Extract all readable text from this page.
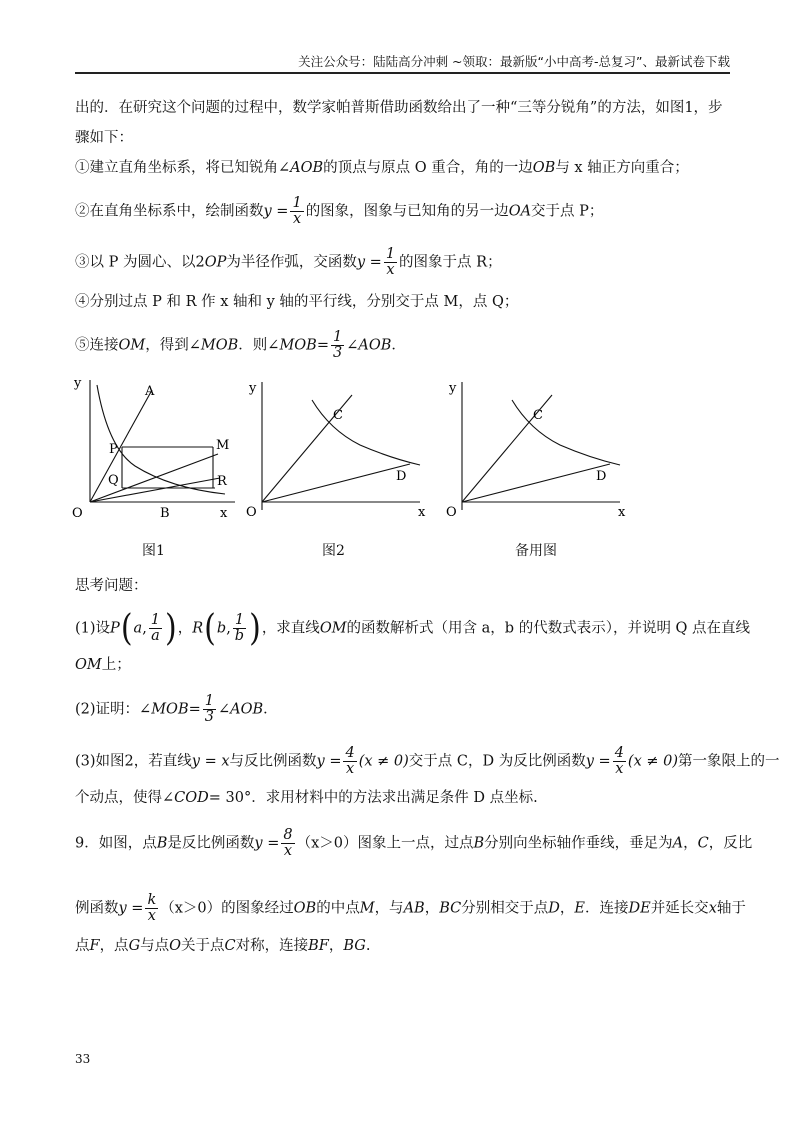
关注公众号：陆陆高分冲刺 ~领取：最新版“小中高考-总复习”、最新试卷下载
出的．在研究这个问题的过程中，数学家帕普斯借助函数给出了一种“三等分锐角”的方法，如图1，步
骤如下：
①建立直角坐标系，将已知锐角∠AOB的顶点与原点 O 重合，角的一边OB与 x 轴正方向重合；
②在直角坐标系中，绘制函数$y = \frac{1}{x}$ 的图象，图象与已知角的另一边OA交于点 P；
③以 P 为圆心、以2OP为半径作弧，交函数$y = \frac{1}{x}$ 的图象于点 R；
④分别过点 P 和 R 作 x 轴和 y 轴的平行线，分别交于点 M，点 Q；
⑤连接OM，得到∠MOB．则∠MOB= $\frac{1}{3}$ ∠AOB．
y
A
P	M
Q	R
O	B	x
y
C
D
O	x
y
C
D
O	x
图1	图2	备用图
思考问题：
(1)设P(a, $\frac{1}{a}$ )，R(b, $\frac{1}{b}$ )，求直线OM的函数解析式（用含 a，b 的代数式表示），并说明 Q 点在直线
OM上；
(2)证明：∠MOB= $\frac{1}{3}$ ∠AOB．
(3)如图2，若直线y = x与反比例函数$y = \frac{4}{x} (x \ne 0)$交于点 C，D 为反比例函数$y = \frac{4}{x} (x \ne 0)$第一象限上的一
个动点，使得∠COD= 30°．求用材料中的方法求出满足条件 D 点坐标.
9．如图，点B是反比例函数$y = \frac{8}{x} (x>0)$图象上一点，过点B分别向坐标轴作垂线，垂足为A，C，反比
例函数$y = \frac{k}{x} (x>0)$的图象经过OB的中点M，与AB，BC分别相交于点D，E．连接DE并延长交x轴于
点F，点G与点O关于点C对称，连接BF，BG.
33
